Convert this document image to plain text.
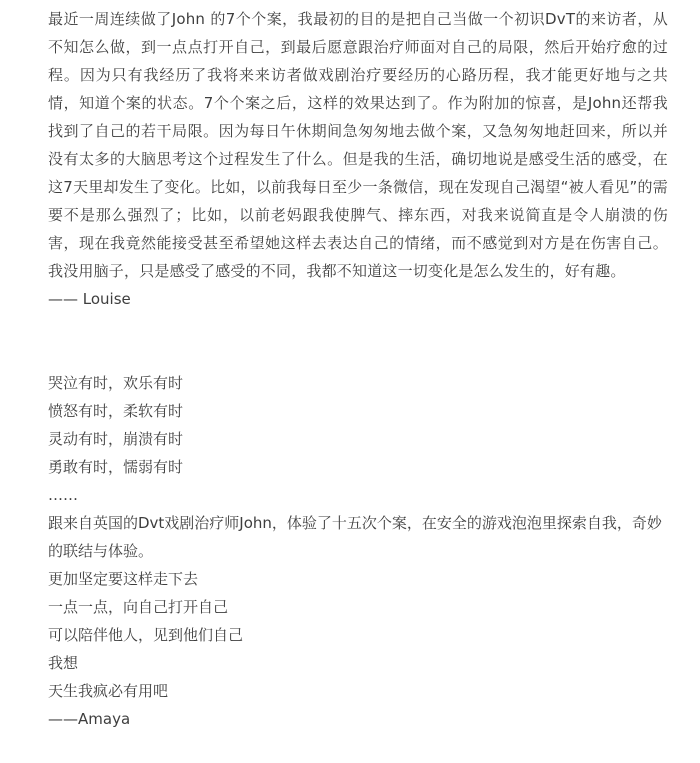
最近一周连续做了John 的7个个案，我最初的目的是把自己当做一个初识DvT的来访者，从不知怎么做，到一点点打开自己，到最后愿意跟治疗师面对自己的局限，然后开始疗愈的过程。因为只有我经历了我将来来访者做戏剧治疗要经历的心路历程，我才能更好地与之共情，知道个案的状态。7个个案之后，这样的效果达到了。作为附加的惊喜，是John还帮我找到了自己的若干局限。因为每日午休期间急匆匆地去做个案，又急匆匆地赶回来，所以并没有太多的大脑思考这个过程发生了什么。但是我的生活，确切地说是感受生活的感受，在这7天里却发生了变化。比如，以前我每日至少一条微信，现在发现自己渴望“被人看见”的需要不是那么强烈了；比如，以前老妈跟我使脾气、摔东西，对我来说简直是令人崩溃的伤害，现在我竟然能接受甚至希望她这样去表达自己的情绪，而不感觉到对方是在伤害自己。我没用脑子，只是感受了感受的不同，我都不知道这一切变化是怎么发生的，好有趣。

—— Louise

哭泣有时，欢乐有时

愤怒有时，柔软有时

灵动有时，崩溃有时

勇敢有时，懦弱有时

……

跟来自英国的Dvt戏剧治疗师John，体验了十五次个案，在安全的游戏泡泡里探索自我，奇妙的联结与体验。

更加坚定要这样走下去

一点一点，向自己打开自己

可以陪伴他人，见到他们自己

我想

天生我疯必有用吧

——Amaya
